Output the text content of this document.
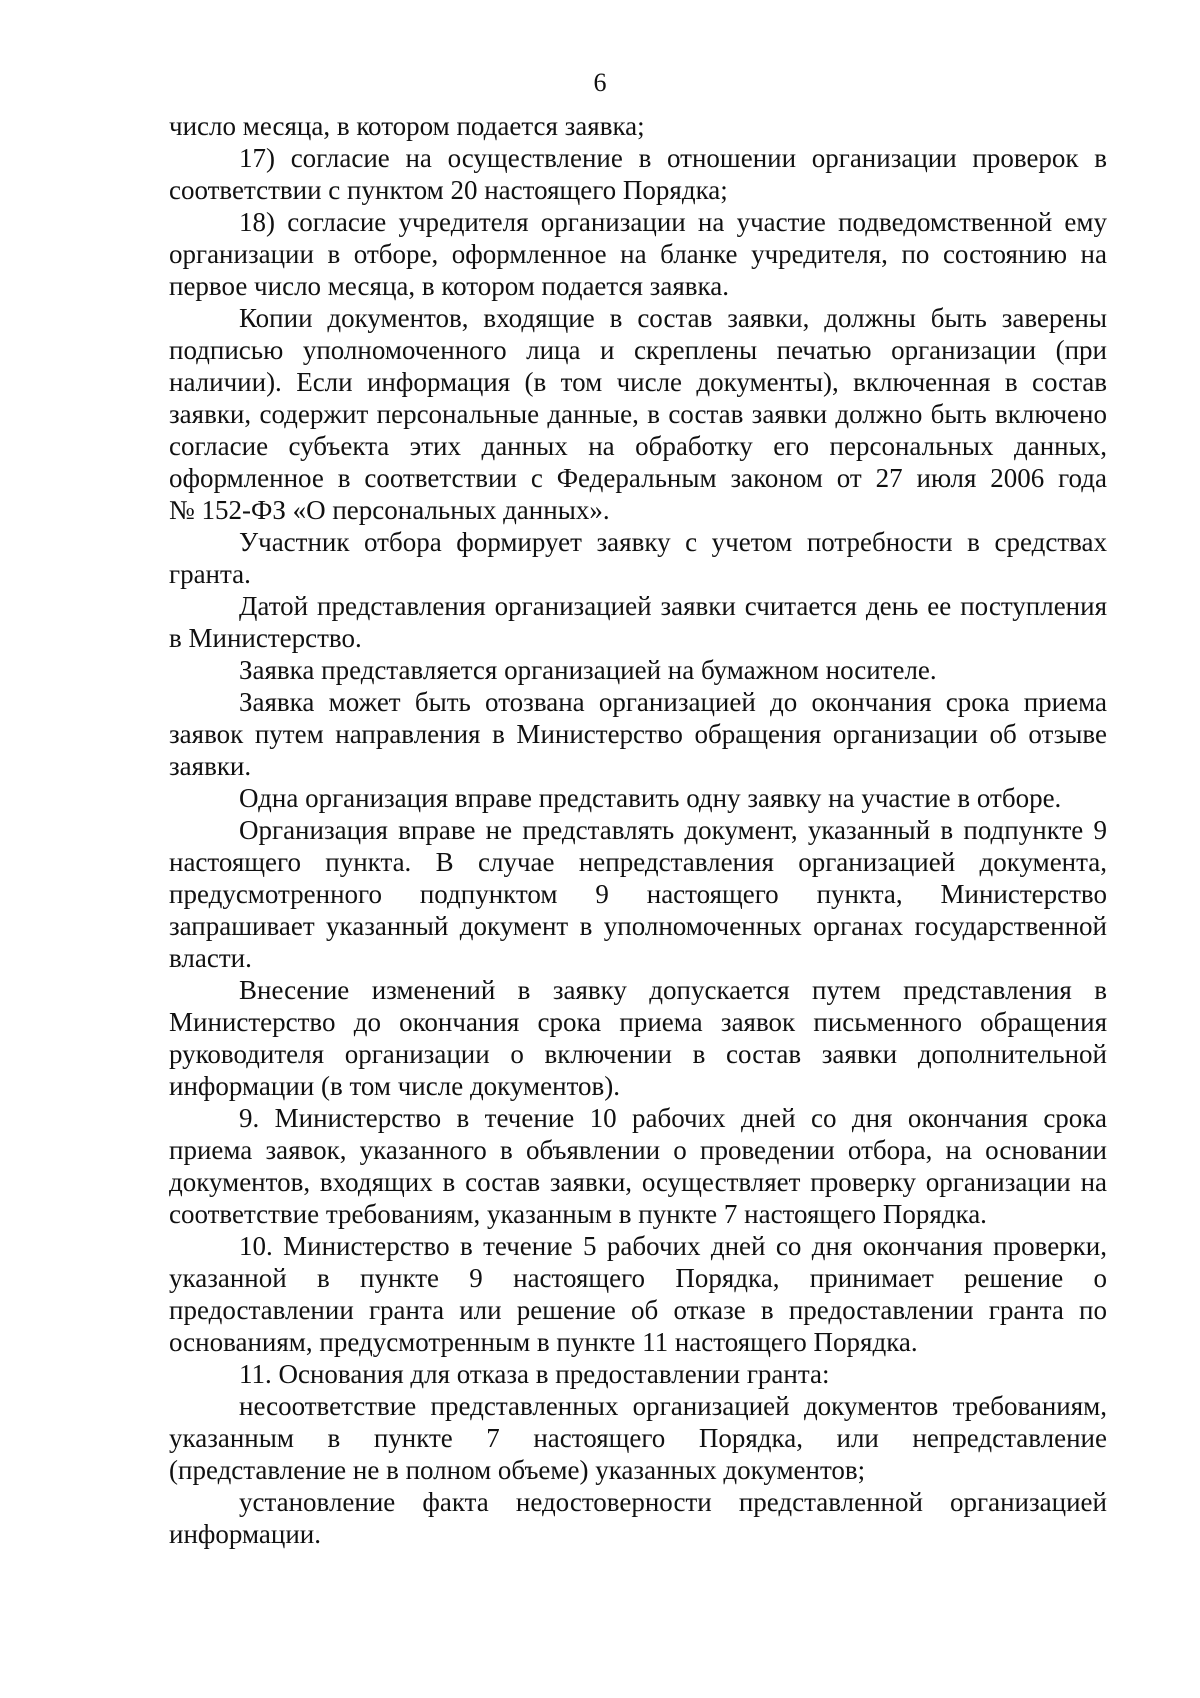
6
число месяца, в котором подается заявка;
17) согласие на осуществление в отношении организации проверок в
соответствии с пунктом 20 настоящего Порядка;
18) согласие учредителя организации на участие подведомственной ему
организации в отборе, оформленное на бланке учредителя, по состоянию на
первое число месяца, в котором подается заявка.
Копии документов, входящие в состав заявки, должны быть заверены
подписью уполномоченного лица и скреплены печатью организации (при
наличии). Если информация (в том числе документы), включенная в состав
заявки, содержит персональные данные, в состав заявки должно быть включено
согласие субъекта этих данных на обработку его персональных данных,
оформленное в соответствии с Федеральным законом от 27 июля 2006 года
№ 152-ФЗ «О персональных данных».
Участник отбора формирует заявку с учетом потребности в средствах
гранта.
Датой представления организацией заявки считается день ее поступления
в Министерство.
Заявка представляется организацией на бумажном носителе.
Заявка может быть отозвана организацией до окончания срока приема
заявок путем направления в Министерство обращения организации об отзыве
заявки.
Одна организация вправе представить одну заявку на участие в отборе.
Организация вправе не представлять документ, указанный в подпункте 9
настоящего пункта. В случае непредставления организацией документа,
предусмотренного подпунктом 9 настоящего пункта, Министерство
запрашивает указанный документ в уполномоченных органах государственной
власти.
Внесение изменений в заявку допускается путем представления в
Министерство до окончания срока приема заявок письменного обращения
руководителя организации о включении в состав заявки дополнительной
информации (в том числе документов).
9. Министерство в течение 10 рабочих дней со дня окончания срока
приема заявок, указанного в объявлении о проведении отбора, на основании
документов, входящих в состав заявки, осуществляет проверку организации на
соответствие требованиям, указанным в пункте 7 настоящего Порядка.
10. Министерство в течение 5 рабочих дней со дня окончания проверки,
указанной в пункте 9 настоящего Порядка, принимает решение о
предоставлении гранта или решение об отказе в предоставлении гранта по
основаниям, предусмотренным в пункте 11 настоящего Порядка.
11. Основания для отказа в предоставлении гранта:
несоответствие представленных организацией документов требованиям,
указанным в пункте 7 настоящего Порядка, или непредставление
(представление не в полном объеме) указанных документов;
установление факта недостоверности представленной организацией
информации.
